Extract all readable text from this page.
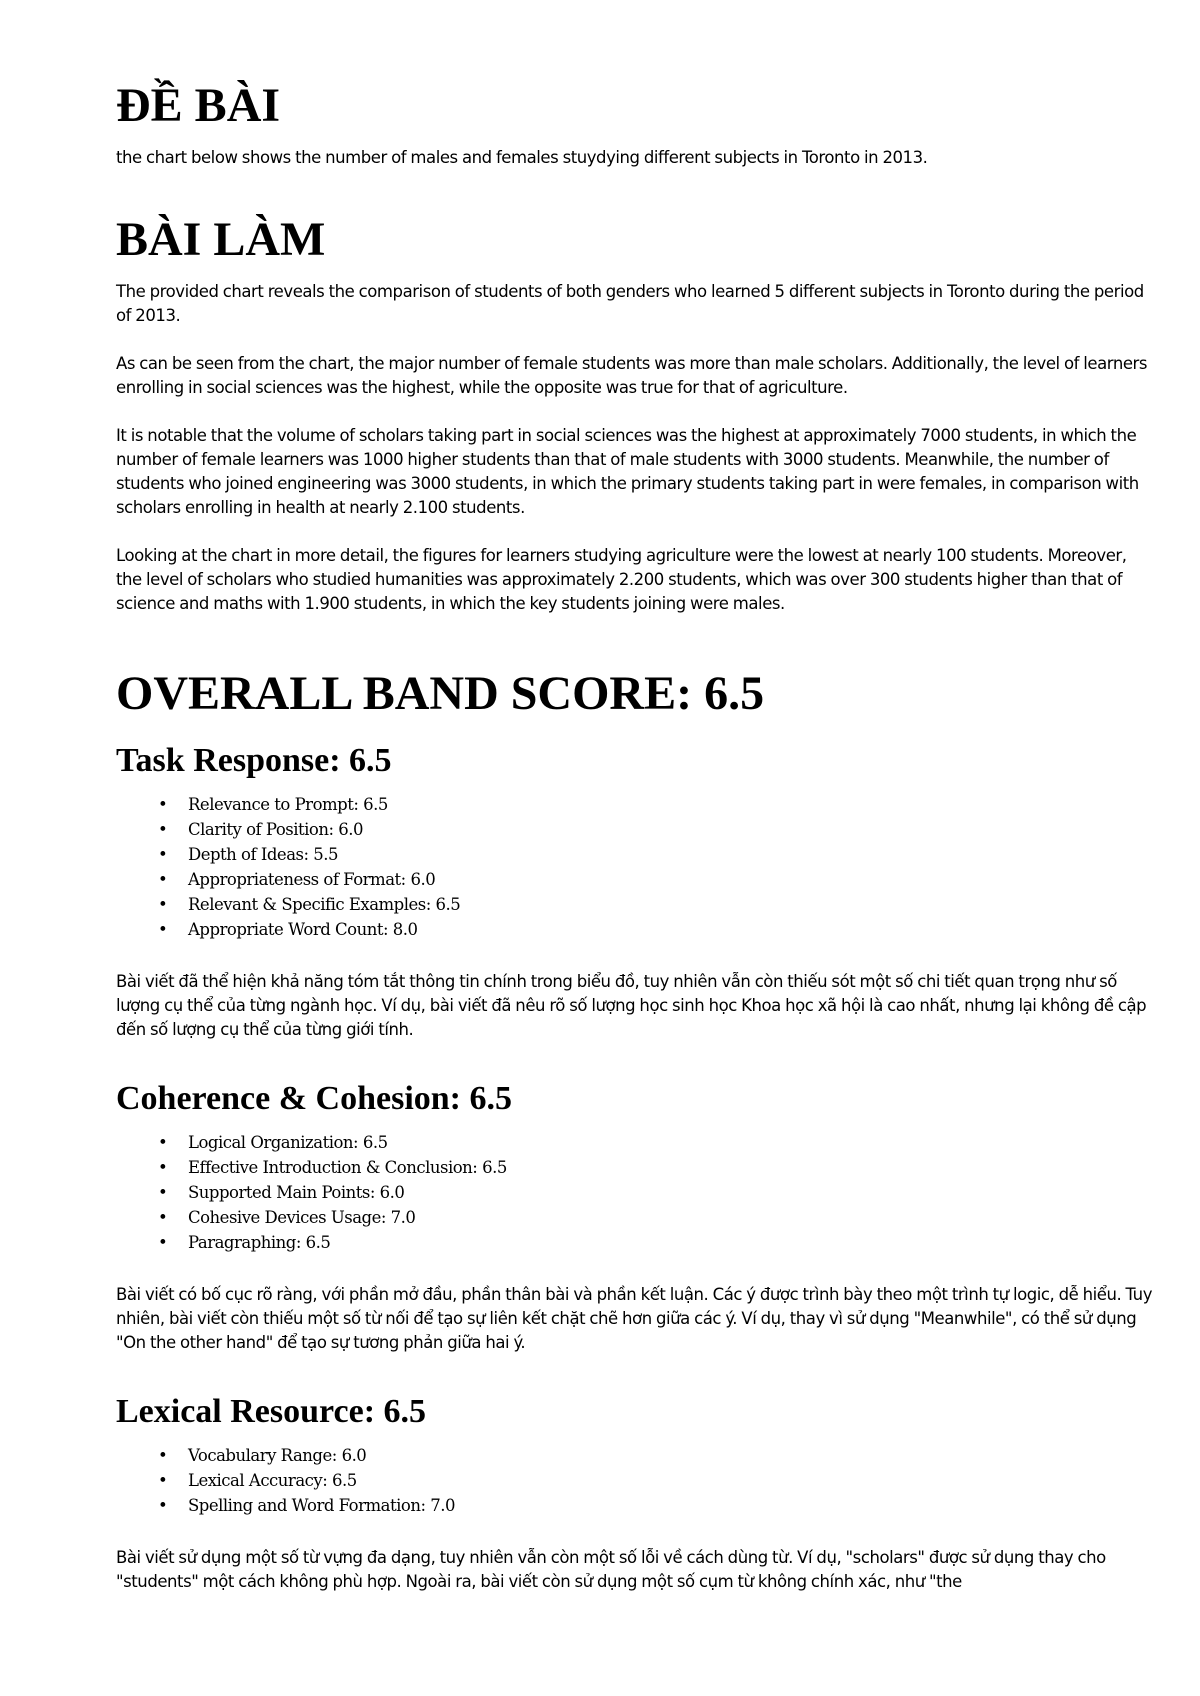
ĐỀ BÀI

the chart below shows the number of males and females stuydying different subjects in Toronto in 2013.

BÀI LÀM

The provided chart reveals the comparison of students of both genders who learned 5 different subjects in Toronto during the period of 2013.

As can be seen from the chart, the major number of female students was more than male scholars. Additionally, the level of learners enrolling in social sciences was the highest, while the opposite was true for that of agriculture.

It is notable that the volume of scholars taking part in social sciences was the highest at approximately 7000 students, in which the number of female learners was 1000 higher students than that of male students with 3000 students. Meanwhile, the number of students who joined engineering was 3000 students, in which the primary students taking part in were females, in comparison with scholars enrolling in health at nearly 2.100 students.

Looking at the chart in more detail, the figures for learners studying agriculture were the lowest at nearly 100 students. Moreover, the level of scholars who studied humanities was approximately 2.200 students, which was over 300 students higher than that of science and maths with 1.900 students, in which the key students joining were males.

OVERALL BAND SCORE: 6.5
Task Response: 6.5
• Relevance to Prompt: 6.5
• Clarity of Position: 6.0
• Depth of Ideas: 5.5
• Appropriateness of Format: 6.0
• Relevant & Specific Examples: 6.5
• Appropriate Word Count: 8.0

Bài viết đã thể hiện khả năng tóm tắt thông tin chính trong biểu đồ, tuy nhiên vẫn còn thiếu sót một số chi tiết quan trọng như số lượng cụ thể của từng ngành học. Ví dụ, bài viết đã nêu rõ số lượng học sinh học Khoa học xã hội là cao nhất, nhưng lại không đề cập đến số lượng cụ thể của từng giới tính.

Coherence & Cohesion: 6.5
• Logical Organization: 6.5
• Effective Introduction & Conclusion: 6.5
• Supported Main Points: 6.0
• Cohesive Devices Usage: 7.0
• Paragraphing: 6.5

Bài viết có bố cục rõ ràng, với phần mở đầu, phần thân bài và phần kết luận. Các ý được trình bày theo một trình tự logic, dễ hiểu. Tuy nhiên, bài viết còn thiếu một số từ nối để tạo sự liên kết chặt chẽ hơn giữa các ý. Ví dụ, thay vì sử dụng "Meanwhile", có thể sử dụng "On the other hand" để tạo sự tương phản giữa hai ý.

Lexical Resource: 6.5
• Vocabulary Range: 6.0
• Lexical Accuracy: 6.5
• Spelling and Word Formation: 7.0

Bài viết sử dụng một số từ vựng đa dạng, tuy nhiên vẫn còn một số lỗi về cách dùng từ. Ví dụ, "scholars" được sử dụng thay cho "students" một cách không phù hợp. Ngoài ra, bài viết còn sử dụng một số cụm từ không chính xác, như "the
